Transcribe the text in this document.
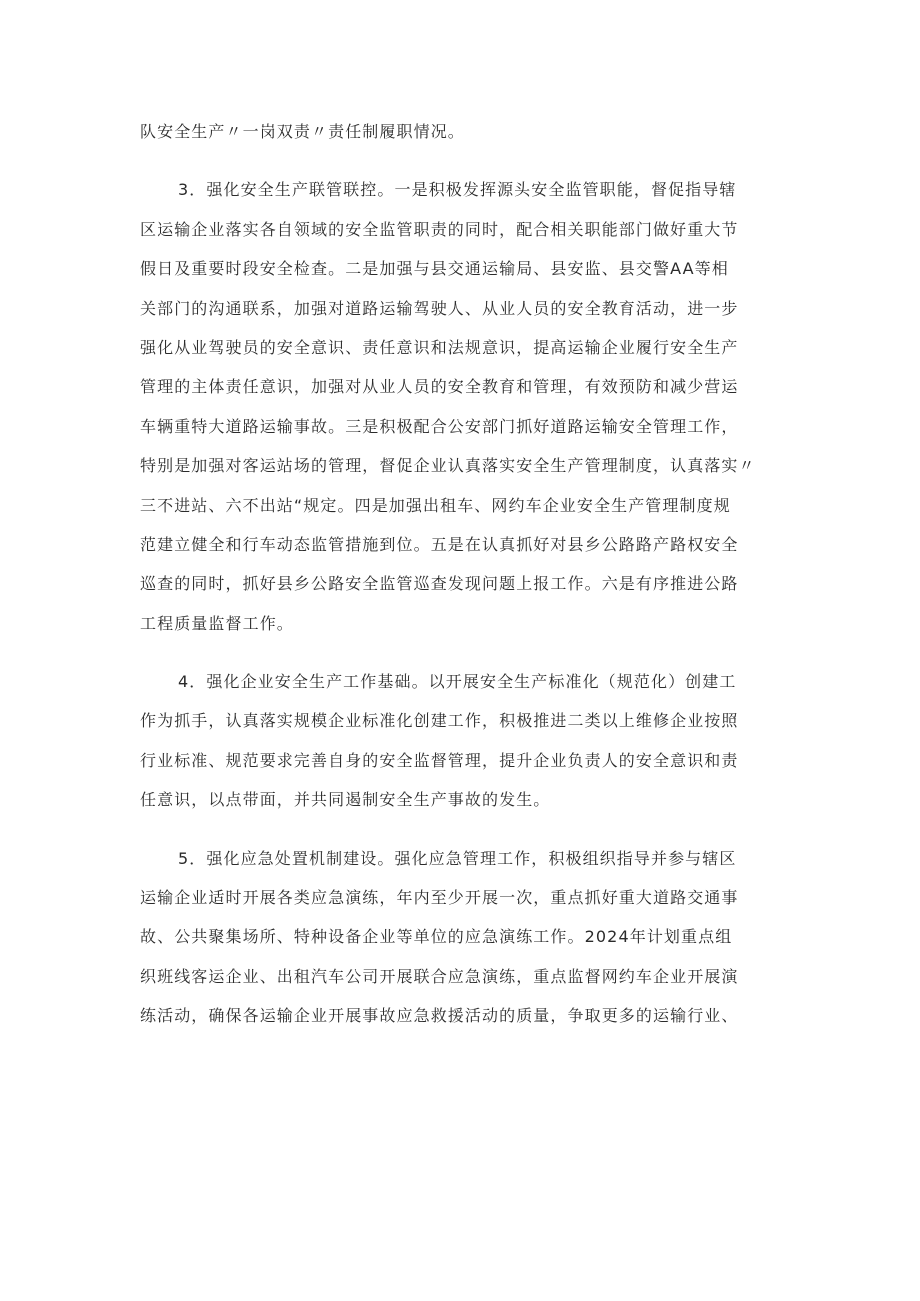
队安全生产〃一岗双责〃责任制履职情况。
3．强化安全生产联管联控。一是积极发挥源头安全监管职能，督促指导辖
区运输企业落实各自领域的安全监管职责的同时，配合相关职能部门做好重大节
假日及重要时段安全检查。二是加强与县交通运输局、县安监、县交警AA等相
关部门的沟通联系，加强对道路运输驾驶人、从业人员的安全教育活动，进一步
强化从业驾驶员的安全意识、责任意识和法规意识，提高运输企业履行安全生产
管理的主体责任意识，加强对从业人员的安全教育和管理，有效预防和减少营运
车辆重特大道路运输事故。三是积极配合公安部门抓好道路运输安全管理工作，
特别是加强对客运站场的管理，督促企业认真落实安全生产管理制度，认真落实〃
三不进站、六不出站“规定。四是加强出租车、网约车企业安全生产管理制度规
范建立健全和行车动态监管措施到位。五是在认真抓好对县乡公路路产路权安全
巡查的同时，抓好县乡公路安全监管巡查发现问题上报工作。六是有序推进公路
工程质量监督工作。
4．强化企业安全生产工作基础。以开展安全生产标准化（规范化）创建工
作为抓手，认真落实规模企业标准化创建工作，积极推进二类以上维修企业按照
行业标准、规范要求完善自身的安全监督管理，提升企业负责人的安全意识和责
任意识，以点带面，并共同遏制安全生产事故的发生。
5．强化应急处置机制建设。强化应急管理工作，积极组织指导并参与辖区
运输企业适时开展各类应急演练，年内至少开展一次，重点抓好重大道路交通事
故、公共聚集场所、特种设备企业等单位的应急演练工作。2024年计划重点组
织班线客运企业、出租汽车公司开展联合应急演练，重点监督网约车企业开展演
练活动，确保各运输企业开展事故应急救援活动的质量，争取更多的运输行业、
